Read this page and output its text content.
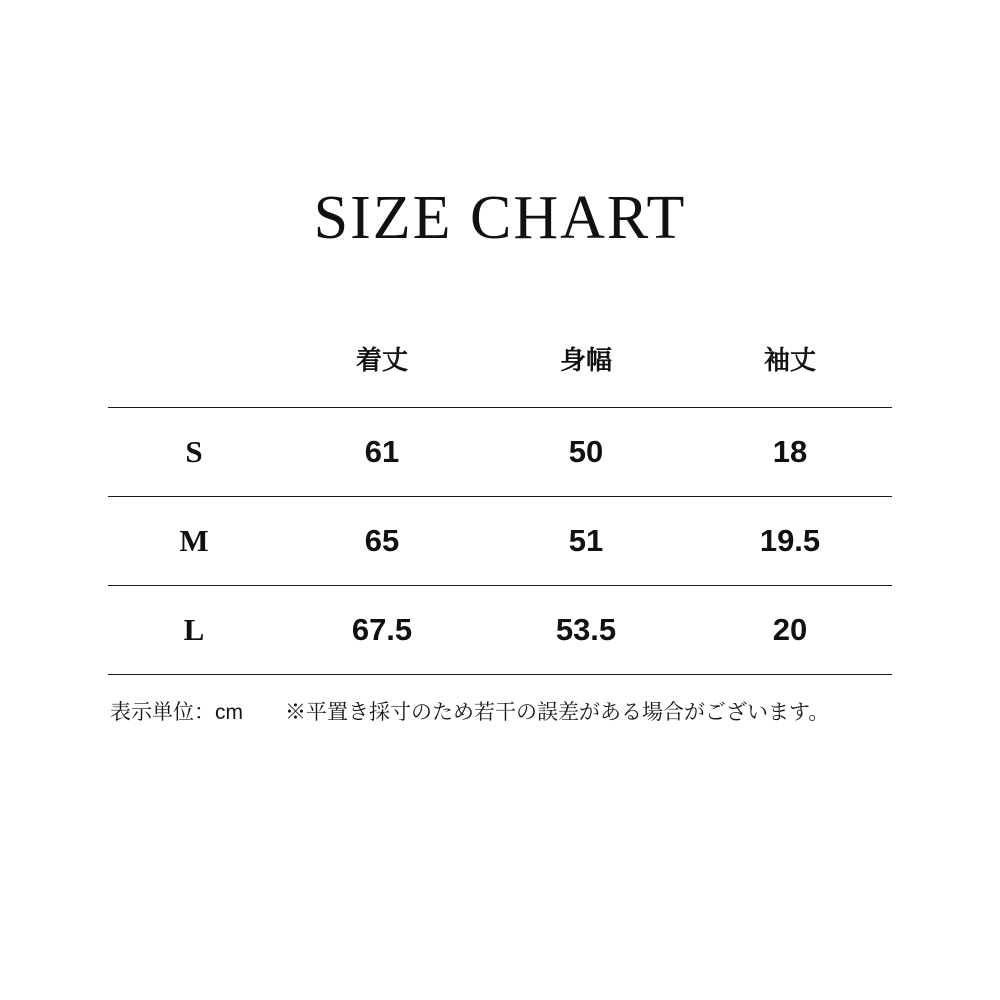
SIZE CHART
	着丈	身幅	袖丈
S	61	50	18
M	65	51	19.5
L	67.5	53.5	20
表示単位：cm ※平置き採寸のため若干の誤差がある場合がございます。
